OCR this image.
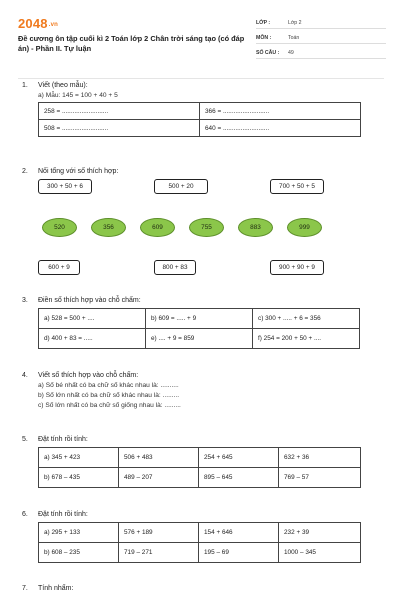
2048.vn
Đề cương ôn tập cuối kì 2 Toán lớp 2 Chân trời sáng tạo (có đáp án) - Phần II. Tự luận
LỚP :	Lớp 2
MÔN :	Toán
SỐ CÂU :	49
1.	Viết (theo mẫu):
a) Mẫu: 145 = 100 + 40 + 5
258 = ..........................	366 = ..........................
508 = ..........................	640 = ..........................
2.	Nối tổng với số thích hợp:
300 + 50 + 6	500 + 20	700 + 50 + 5
520	356	609	755	883	999
600 + 9	800 + 83	900 + 90 + 9
3.	Điền số thích hợp vào chỗ chấm:
a) 528 = 500 + ....	b) 609 = ..... + 9	c) 300 + ..... + 6 = 356
d) 400 + 83 = .....	e) .... + 9 = 859	f) 254 = 200 + 50 + ....
4.	Viết số thích hợp vào chỗ chấm:
a) Số bé nhất có ba chữ số khác nhau là: ..........
b) Số lớn nhất có ba chữ số khác nhau là: .........
c) Số lớn nhất có ba chữ số giống nhau là: .........
5.	Đặt tính rồi tính:
a) 345 + 423	506 + 483	254 + 645	632 + 36
b) 678 – 435	489 – 207	895 – 645	769 – 57
6.	Đặt tính rồi tính:
a) 295 + 133	576 + 189	154 + 646	232 + 39
b) 608 – 235	719 – 271	195 – 69	1000 – 345
7.	Tính nhẩm:
